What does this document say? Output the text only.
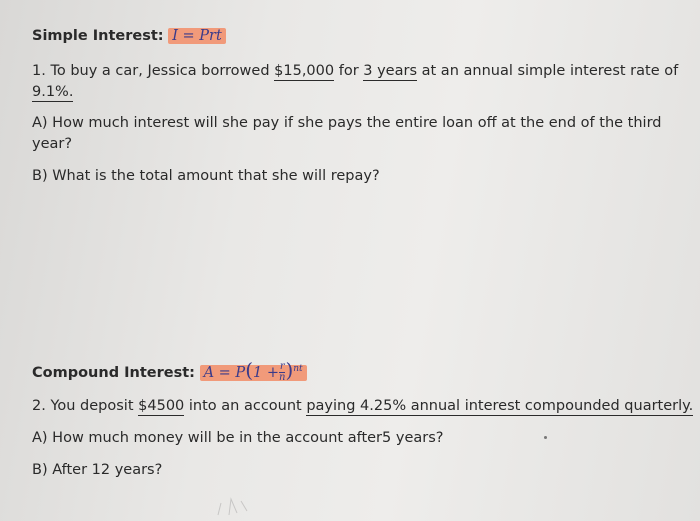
Simple Interest: I = Prt
1. To buy a car, Jessica borrowed $15,000 for 3 years at an annual simple interest rate of
9.1%.
A) How much interest will she pay if she pays the entire loan off at the end of the third
year?
B) What is the total amount that she will repay?
Compound Interest: $A = P(1 + \frac{r}{n} )^{nt}$
2. You deposit $4500 into an account paying 4.25% annual interest compounded quarterly.
A) How much money will be in the account after5 years?
B) After 12 years?
